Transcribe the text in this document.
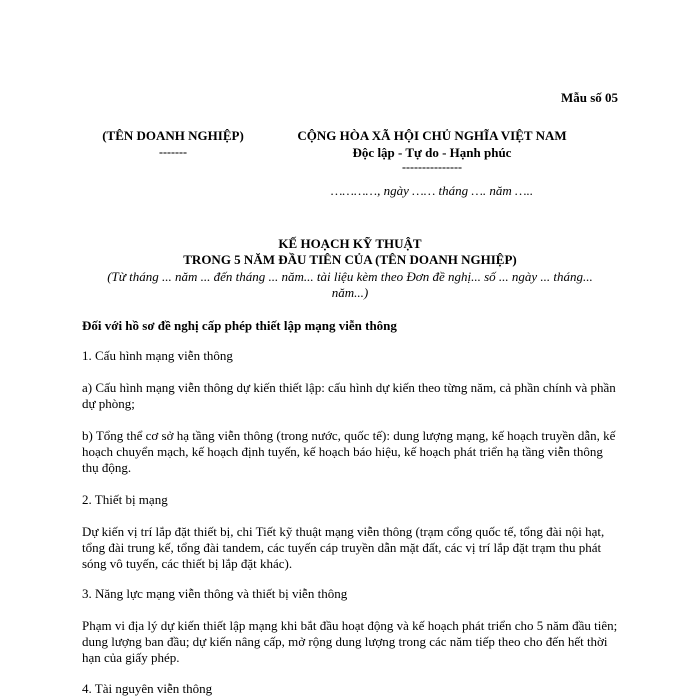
Mẫu số 05
(TÊN DOANH NGHIỆP)
-------
CỘNG HÒA XÃ HỘI CHỦ NGHĨA VIỆT NAM
Độc lập - Tự do - Hạnh phúc
---------------
…………, ngày …… tháng …. năm …..
KẾ HOẠCH KỸ THUẬT
TRONG 5 NĂM ĐẦU TIÊN CỦA (TÊN DOANH NGHIỆP)
(Từ tháng ... năm ... đến tháng ... năm... tài liệu kèm theo Đơn đề nghị... số ... ngày ... tháng...
năm...)
Đối với hồ sơ đề nghị cấp phép thiết lập mạng viễn thông
1. Cấu hình mạng viễn thông
a) Cấu hình mạng viễn thông dự kiến thiết lập: cấu hình dự kiến theo từng năm, cả phần chính và phần dự phòng;
b) Tổng thể cơ sở hạ tầng viễn thông (trong nước, quốc tế): dung lượng mạng, kế hoạch truyền dẫn, kế hoạch chuyển mạch, kế hoạch định tuyến, kế hoạch báo hiệu, kế hoạch phát triển hạ tầng viễn thông thụ động.
2. Thiết bị mạng
Dự kiến vị trí lắp đặt thiết bị, chi Tiết kỹ thuật mạng viễn thông (trạm cổng quốc tế, tổng đài nội hạt, tổng đài trung kế, tổng đài tandem, các tuyến cáp truyền dẫn mặt đất, các vị trí lắp đặt trạm thu phát sóng vô tuyến, các thiết bị lắp đặt khác).
3. Năng lực mạng viễn thông và thiết bị viễn thông
Phạm vi địa lý dự kiến thiết lập mạng khi bắt đầu hoạt động và kế hoạch phát triển cho 5 năm đầu tiên; dung lượng ban đầu; dự kiến nâng cấp, mở rộng dung lượng trong các năm tiếp theo cho đến hết thời hạn của giấy phép.
4. Tài nguyên viễn thông
